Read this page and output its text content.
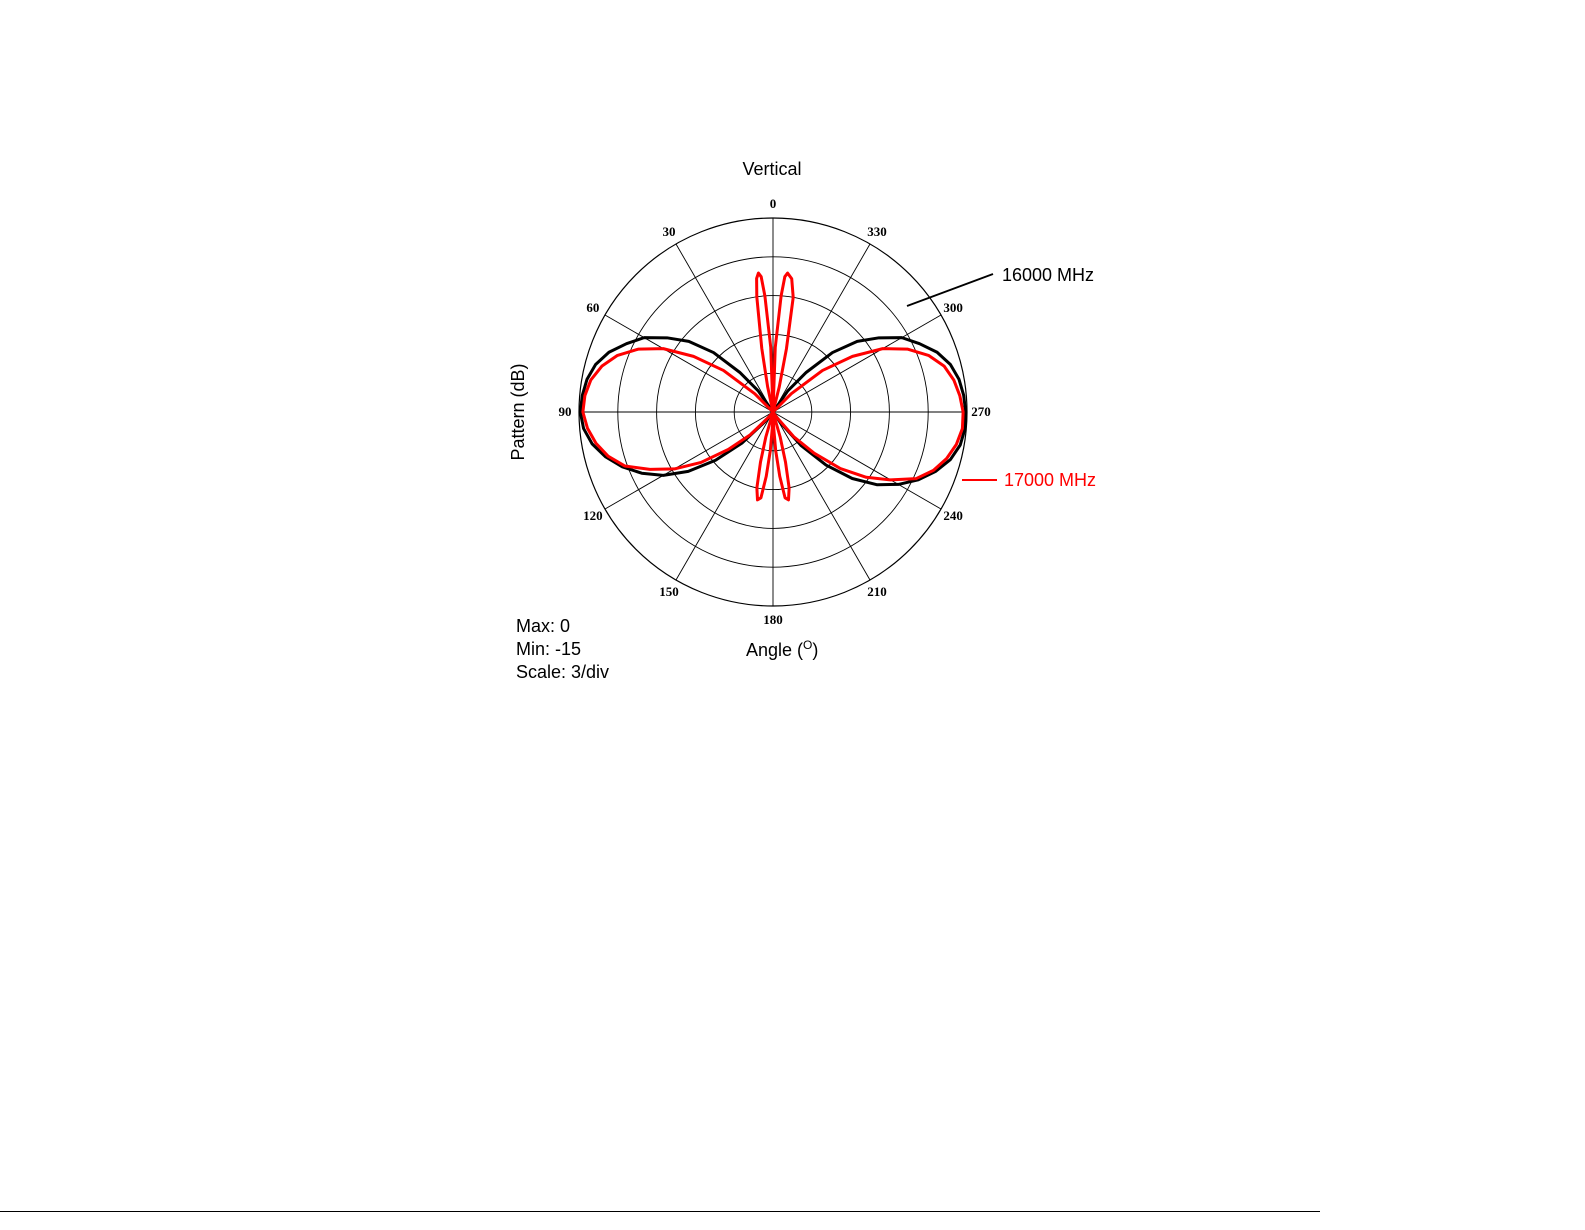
Vertical
0
30
60
90
120
150
180
210
240
270
300
330
16000 MHz
17000 MHz
Pattern (dB)
Angle ($^O$)
Max: 0
Min: -15
Scale: 3/div
